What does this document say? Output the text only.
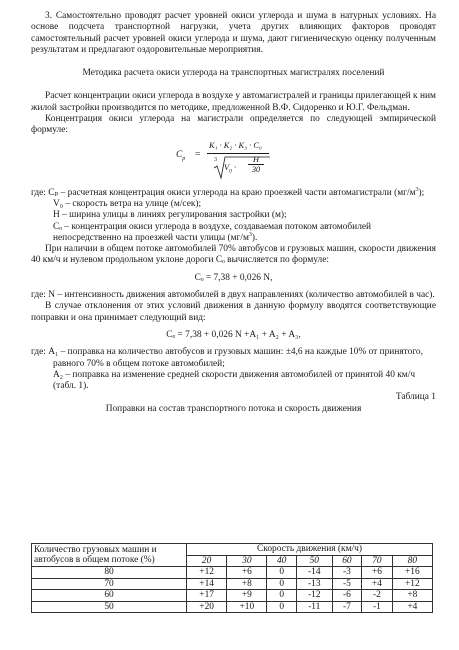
3. Самостоятельно проводят расчет уровней окиси углерода и шума в натурных условиях. На основе подсчета транспортной нагрузки, учета других влияющих факторов проводят самостоятельный расчет уровней окиси углерода и шума, дают гигиеническую оценку полученным результатам и предлагают оздоровительные мероприятия.

Методика расчета окиси углерода на транспортных магистралях поселений

Расчет концентрации окиси углерода в воздухе у автомагистралей и границы прилегающей к ним жилой застройки производится по методике, предложенной В.Ф. Сидоренко и Ю.Г. Фельдман.

Концентрация окиси углерода на магистрали определяется по следующей эмпирической формуле:

$C_p$ =
K₁ · K₂ · K₃ · C₀
3
$V_0$ ·
H
30

где: Cₚ – расчетная концентрация окиси углерода на краю проезжей части автомагистрали $(мг/м^3)$;

V₀ – скорость ветра на улице (м/сек);

H – ширина улицы в линиях регулирования застройки (м);

Cₒ – концентрация окиси углерода в воздухе, создаваемая потоком автомобилей непосредственно на проезжей части улицы $(мг/м^3)$.

При наличии в общем потоке автомобилей 70% автобусов и грузовых машин, скорости движения 40 км/ч и нулевом продольном уклоне дороги Сₒ вычисляется по формуле:

Cₒ = 7,38 + 0,026 N,

где: N – интенсивность движения автомобилей в двух направлениях (количество автомобилей в час).

В случае отклонения от этих условий движения в данную формулу вводятся соответствующие поправки и она принимает следующий вид:

Cₒ = 7,38 + 0,026 N +A₁ + A₂ + A₃,

где: A₁ – поправка на количество автобусов и грузовых машин: ±4,6 на каждые 10% от принятого, равного 70% в общем потоке автомобилей;

A₂ – поправка на изменение средней скорости движения автомобилей от принятой 40 км/ч (табл. 1).

Таблица 1

Поправки на состав транспортного потока и скорость движения

Количество грузовых машин и автобусов в общем потоке (%)	Скорость движения (км/ч)						
	20	30	40	50	60	70	80
80	+12	+6	0	-14	-3	+6	+16
70	+14	+8	0	-13	-5	+4	+12
60	+17	+9	0	-12	-6	-2	+8
50	+20	+10	0	-11	-7	-1	+4
